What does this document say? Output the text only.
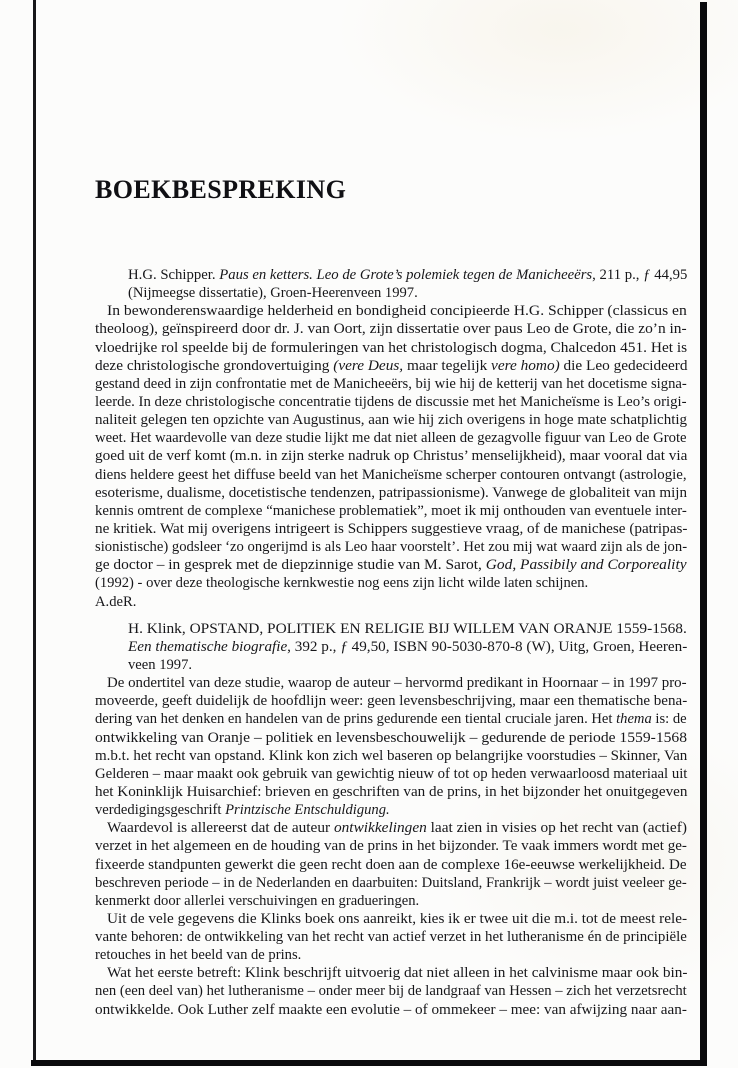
BOEKBESPREKING
H.G. Schipper. Paus en ketters. Leo de Grote’s polemiek tegen de Manicheeërs, 211 p., ƒ 44,95
(Nijmeegse dissertatie), Groen-Heerenveen 1997.
In bewonderenswaardige helderheid en bondigheid concipieerde H.G. Schipper (classicus en
theoloog), geïnspireerd door dr. J. van Oort, zijn dissertatie over paus Leo de Grote, die zo’n in-
vloedrijke rol speelde bij de formuleringen van het christologisch dogma, Chalcedon 451. Het is
deze christologische grondovertuiging (vere Deus, maar tegelijk vere homo) die Leo gedecideerd
gestand deed in zijn confrontatie met de Manicheeërs, bij wie hij de ketterij van het docetisme signa-
leerde. In deze christologische concentratie tijdens de discussie met het Manicheïsme is Leo’s origi-
naliteit gelegen ten opzichte van Augustinus, aan wie hij zich overigens in hoge mate schatplichtig
weet. Het waardevolle van deze studie lijkt me dat niet alleen de gezagvolle figuur van Leo de Grote
goed uit de verf komt (m.n. in zijn sterke nadruk op Christus’ menselijkheid), maar vooral dat via
diens heldere geest het diffuse beeld van het Manicheïsme scherper contouren ontvangt (astrologie,
esoterisme, dualisme, docetistische tendenzen, patripassionisme). Vanwege de globaliteit van mijn
kennis omtrent de complexe “manichese problematiek”, moet ik mij onthouden van eventuele inter-
ne kritiek. Wat mij overigens intrigeert is Schippers suggestieve vraag, of de manichese (patripas-
sionistische) godsleer ‘zo ongerijmd is als Leo haar voorstelt’. Het zou mij wat waard zijn als de jon-
ge doctor – in gesprek met de diepzinnige studie van M. Sarot, God, Passibily and Corporeality
(1992) - over deze theologische kernkwestie nog eens zijn licht wilde laten schijnen.
A.deR.
H. Klink, OPSTAND, POLITIEK EN RELIGIE BIJ WILLEM VAN ORANJE 1559-1568.
Een thematische biografie, 392 p., ƒ 49,50, ISBN 90-5030-870-8 (W), Uitg, Groen, Heeren-
veen 1997.
De ondertitel van deze studie, waarop de auteur – hervormd predikant in Hoornaar – in 1997 pro-
moveerde, geeft duidelijk de hoofdlijn weer: geen levensbeschrijving, maar een thematische bena-
dering van het denken en handelen van de prins gedurende een tiental cruciale jaren. Het thema is: de
ontwikkeling van Oranje – politiek en levensbeschouwelijk – gedurende de periode 1559-1568
m.b.t. het recht van opstand. Klink kon zich wel baseren op belangrijke voorstudies – Skinner, Van
Gelderen – maar maakt ook gebruik van gewichtig nieuw of tot op heden verwaarloosd materiaal uit
het Koninklijk Huisarchief: brieven en geschriften van de prins, in het bijzonder het onuitgegeven
verdedigingsgeschrift Printzische Entschuldigung.
Waardevol is allereerst dat de auteur ontwikkelingen laat zien in visies op het recht van (actief)
verzet in het algemeen en de houding van de prins in het bijzonder. Te vaak immers wordt met ge-
fixeerde standpunten gewerkt die geen recht doen aan de complexe 16e-eeuwse werkelijkheid. De
beschreven periode – in de Nederlanden en daarbuiten: Duitsland, Frankrijk – wordt juist veeleer ge-
kenmerkt door allerlei verschuivingen en gradueringen.
Uit de vele gegevens die Klinks boek ons aanreikt, kies ik er twee uit die m.i. tot de meest rele-
vante behoren: de ontwikkeling van het recht van actief verzet in het lutheranisme én de principiële
retouches in het beeld van de prins.
Wat het eerste betreft: Klink beschrijft uitvoerig dat niet alleen in het calvinisme maar ook bin-
nen (een deel van) het lutheranisme – onder meer bij de landgraaf van Hessen – zich het verzetsrecht
ontwikkelde. Ook Luther zelf maakte een evolutie – of ommekeer – mee: van afwijzing naar aan-
